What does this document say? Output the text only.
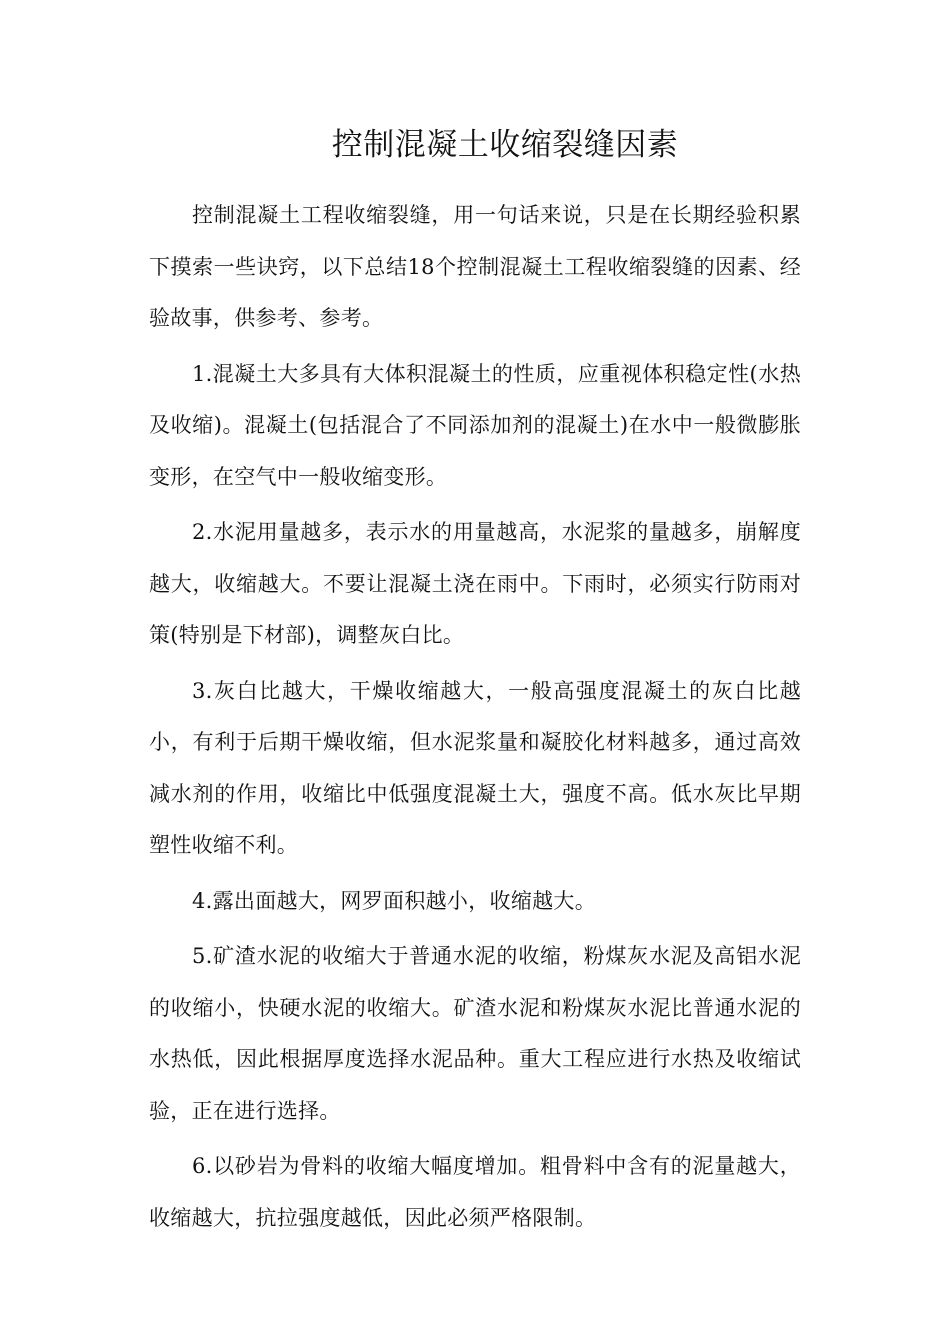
控制混凝土收缩裂缝因素

控制混凝土工程收缩裂缝，用一句话来说，只是在长期经验积累下摸索一些诀窍，以下总结18个控制混凝土工程收缩裂缝的因素、经验故事，供参考、参考。

1.混凝土大多具有大体积混凝土的性质，应重视体积稳定性(水热及收缩)。混凝土(包括混合了不同添加剂的混凝土)在水中一般微膨胀变形，在空气中一般收缩变形。

2.水泥用量越多，表示水的用量越高，水泥浆的量越多，崩解度越大，收缩越大。不要让混凝土浇在雨中。下雨时，必须实行防雨对策(特别是下材部)，调整灰白比。

3.灰白比越大，干燥收缩越大，一般高强度混凝土的灰白比越小，有利于后期干燥收缩，但水泥浆量和凝胶化材料越多，通过高效减水剂的作用，收缩比中低强度混凝土大，强度不高。低水灰比早期塑性收缩不利。

4.露出面越大，网罗面积越小，收缩越大。

5.矿渣水泥的收缩大于普通水泥的收缩，粉煤灰水泥及高铝水泥的收缩小，快硬水泥的收缩大。矿渣水泥和粉煤灰水泥比普通水泥的水热低，因此根据厚度选择水泥品种。重大工程应进行水热及收缩试验，正在进行选择。

6.以砂岩为骨料的收缩大幅度增加。粗骨料中含有的泥量越大，收缩越大，抗拉强度越低，因此必须严格限制。
